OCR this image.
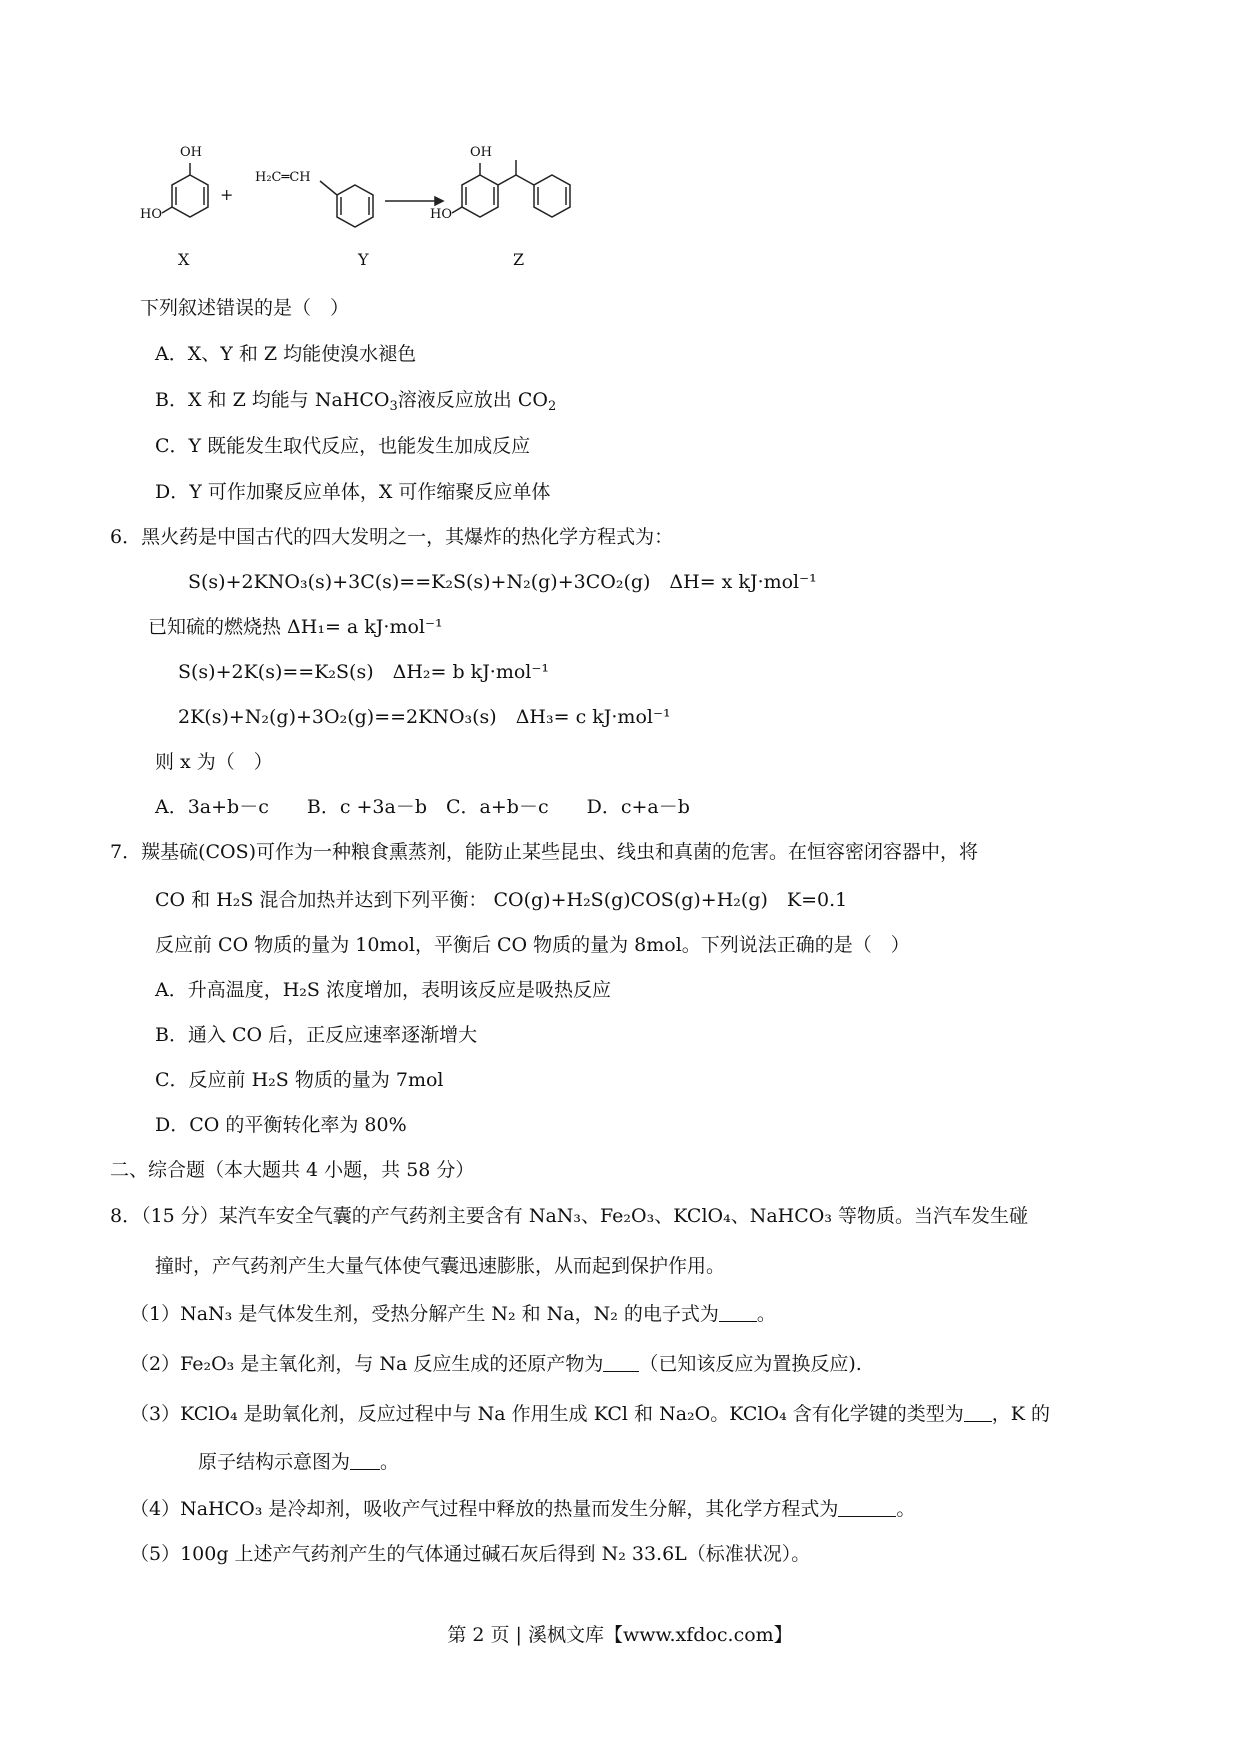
OH
HO
+
H₂C═CH
OH
HO
X	Y	Z
下列叙述错误的是（　）
A．X、Y 和 Z 均能使溴水褪色
B．X 和 Z 均能与 NaHCO$_3$溶液反应放出 $CO_2$
C．Y 既能发生取代反应，也能发生加成反应
D．Y 可作加聚反应单体，X 可作缩聚反应单体
6．黑火药是中国古代的四大发明之一，其爆炸的热化学方程式为：
S(s)+2KNO₃(s)+3C(s)==K₂S(s)+N₂(g)+3CO₂(g)　ΔH= x kJ·mol⁻¹
已知硫的燃烧热 ΔH₁= a kJ·mol⁻¹
S(s)+2K(s)==K₂S(s)　ΔH₂= b kJ·mol⁻¹
2K(s)+N₂(g)+3O₂(g)==2KNO₃(s)　ΔH₃= c kJ·mol⁻¹
则 x 为（　）
A．3a+b－c　　B．c +3a－b　C．a+b－c　　D．c+a－b
7．羰基硫(COS)可作为一种粮食熏蒸剂，能防止某些昆虫、线虫和真菌的危害。在恒容密闭容器中，将
CO 和 H₂S 混合加热并达到下列平衡： CO(g)+H₂S(g)COS(g)+H₂(g)　K=0.1
反应前 CO 物质的量为 10mol，平衡后 CO 物质的量为 8mol。下列说法正确的是（　）
A．升高温度，H₂S 浓度增加，表明该反应是吸热反应
B．通入 CO 后，正反应速率逐渐增大
C．反应前 H₂S 物质的量为 7mol
D．CO 的平衡转化率为 80%
二、综合题（本大题共 4 小题，共 58 分）
8．（15 分）某汽车安全气囊的产气药剂主要含有 NaN₃、Fe₂O₃、KClO₄、NaHCO₃ 等物质。当汽车发生碰
撞时，产气药剂产生大量气体使气囊迅速膨胀，从而起到保护作用。
（1）NaN₃ 是气体发生剂，受热分解产生 N₂ 和 Na，N₂ 的电子式为 。
（2）Fe₂O₃ 是主氧化剂，与 Na 反应生成的还原产物为 （已知该反应为置换反应).
（3）KClO₄ 是助氧化剂，反应过程中与 Na 作用生成 KCl 和 Na₂O。KClO₄ 含有化学键的类型为 ，K 的
原子结构示意图为 。
（4）NaHCO₃ 是冷却剂，吸收产气过程中释放的热量而发生分解，其化学方程式为	。
（5）100g 上述产气药剂产生的气体通过碱石灰后得到 N₂ 33.6L（标准状况）。
第 2 页 | 溪枫文库【www.xfdoc.com】
